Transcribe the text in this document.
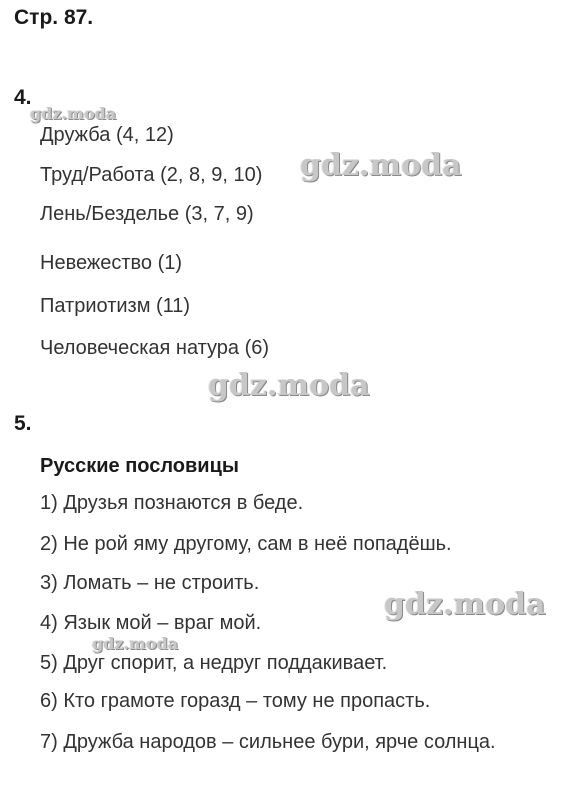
Стр. 87.
4.
Дружба (4, 12)
Труд/Работа (2, 8, 9, 10)
Лень/Безделье (3, 7, 9)
Невежество (1)
Патриотизм (11)
Человеческая натура (6)
5.
Русские пословицы
1) Друзья познаются в беде.
2) Не рой яму другому, сам в неё попадёшь.
3) Ломать – не строить.
4) Язык мой – враг мой.
5) Друг спорит, а недруг поддакивает.
6) Кто грамоте горазд – тому не пропасть.
7) Дружба народов – сильнее бури, ярче солнца.
gdz.moda
gdz.moda
gdz.moda
gdz.moda
gdz.moda
